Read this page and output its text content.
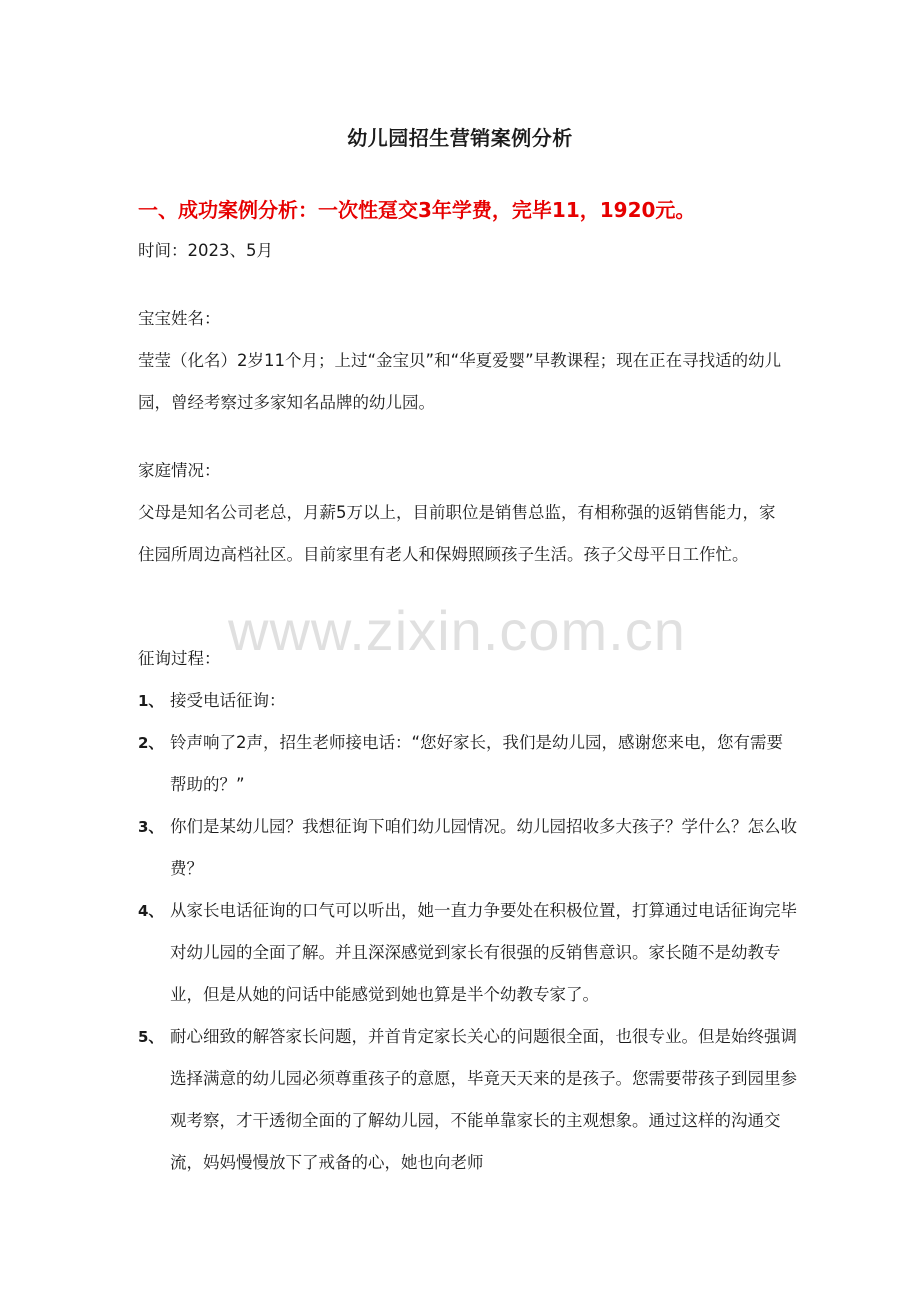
幼儿园招生营销案例分析
一、成功案例分析：一次性趸交3年学费，完毕11，1920元。
时间：2023、5月
宝宝姓名：
莹莹（化名）2岁11个月；上过“金宝贝”和“华夏爱婴”早教课程；现在正在寻找适的幼儿园，曾经考察过多家知名品牌的幼儿园。
家庭情况：
父母是知名公司老总，月薪5万以上，目前职位是销售总监，有相称强的返销售能力，家住园所周边高档社区。目前家里有老人和保姆照顾孩子生活。孩子父母平日工作忙。
征询过程：
1、 接受电话征询：
2、 铃声响了2声，招生老师接电话：“您好家长，我们是幼儿园，感谢您来电，您有需要帮助的？”
3、 你们是某幼儿园？我想征询下咱们幼儿园情况。幼儿园招收多大孩子？学什么？怎么收费？
4、 从家长电话征询的口气可以听出，她一直力争要处在积极位置，打算通过电话征询完毕对幼儿园的全面了解。并且深深感觉到家长有很强的反销售意识。家长随不是幼教专业，但是从她的问话中能感觉到她也算是半个幼教专家了。
5、 耐心细致的解答家长问题，并首肯定家长关心的问题很全面，也很专业。但是始终强调选择满意的幼儿园必须尊重孩子的意愿，毕竟天天来的是孩子。您需要带孩子到园里参观考察，才干透彻全面的了解幼儿园，不能单靠家长的主观想象。通过这样的沟通交流，妈妈慢慢放下了戒备的心，她也向老师
www.zixin.com.cn
